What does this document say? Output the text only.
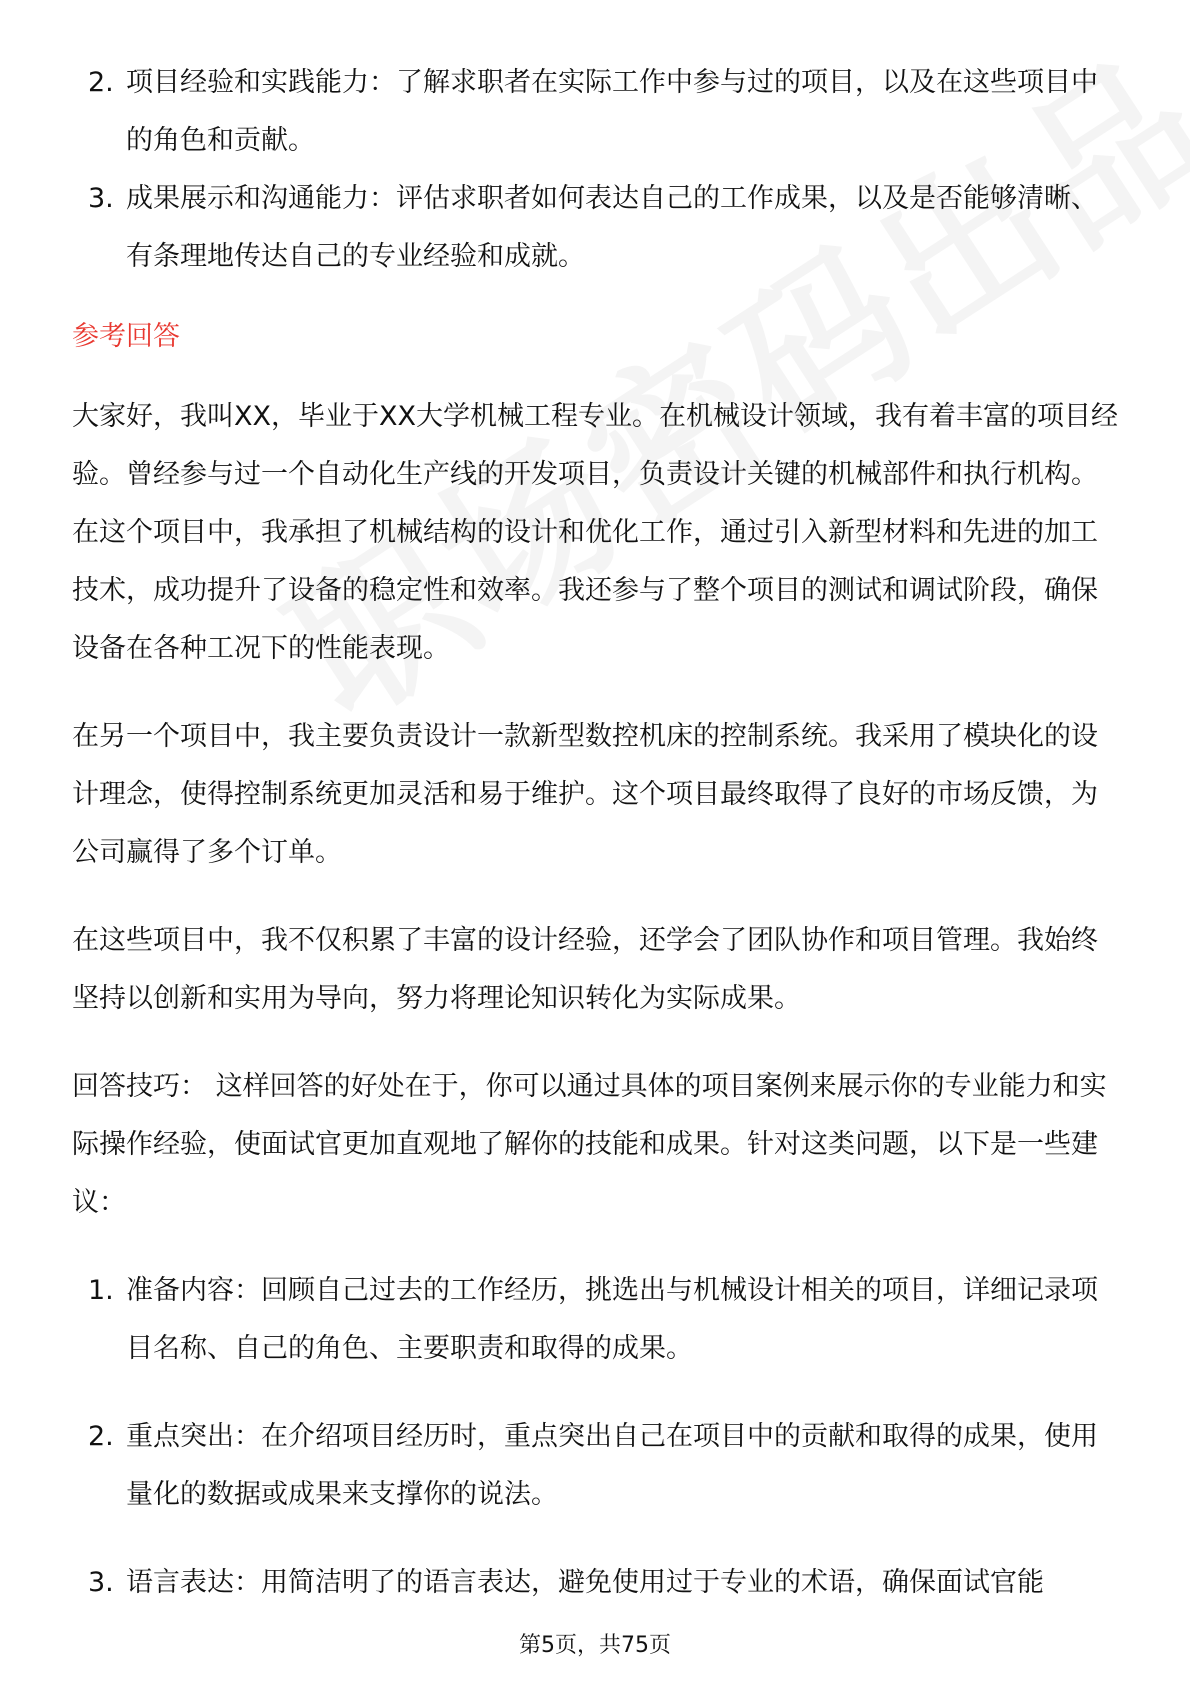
2. 项目经验和实践能力：了解求职者在实际工作中参与过的项目，以及在这些项目中的角色和贡献。
3. 成果展示和沟通能力：评估求职者如何表达自己的工作成果，以及是否能够清晰、有条理地传达自己的专业经验和成就。
参考回答

大家好，我叫XX，毕业于XX大学机械工程专业。在机械设计领域，我有着丰富的项目经验。曾经参与过一个自动化生产线的开发项目，负责设计关键的机械部件和执行机构。在这个项目中，我承担了机械结构的设计和优化工作，通过引入新型材料和先进的加工技术，成功提升了设备的稳定性和效率。我还参与了整个项目的测试和调试阶段，确保设备在各种工况下的性能表现。

在另一个项目中，我主要负责设计一款新型数控机床的控制系统。我采用了模块化的设计理念，使得控制系统更加灵活和易于维护。这个项目最终取得了良好的市场反馈，为公司赢得了多个订单。

在这些项目中，我不仅积累了丰富的设计经验，还学会了团队协作和项目管理。我始终坚持以创新和实用为导向，努力将理论知识转化为实际成果。

回答技巧： 这样回答的好处在于，你可以通过具体的项目案例来展示你的专业能力和实际操作经验，使面试官更加直观地了解你的技能和成果。针对这类问题，以下是一些建议：

1. 准备内容：回顾自己过去的工作经历，挑选出与机械设计相关的项目，详细记录项目名称、自己的角色、主要职责和取得的成果。
2. 重点突出：在介绍项目经历时，重点突出自己在项目中的贡献和取得的成果，使用量化的数据或成果来支撑你的说法。
3. 语言表达：用简洁明了的语言表达，避免使用过于专业的术语，确保面试官能
第5页，共75页
